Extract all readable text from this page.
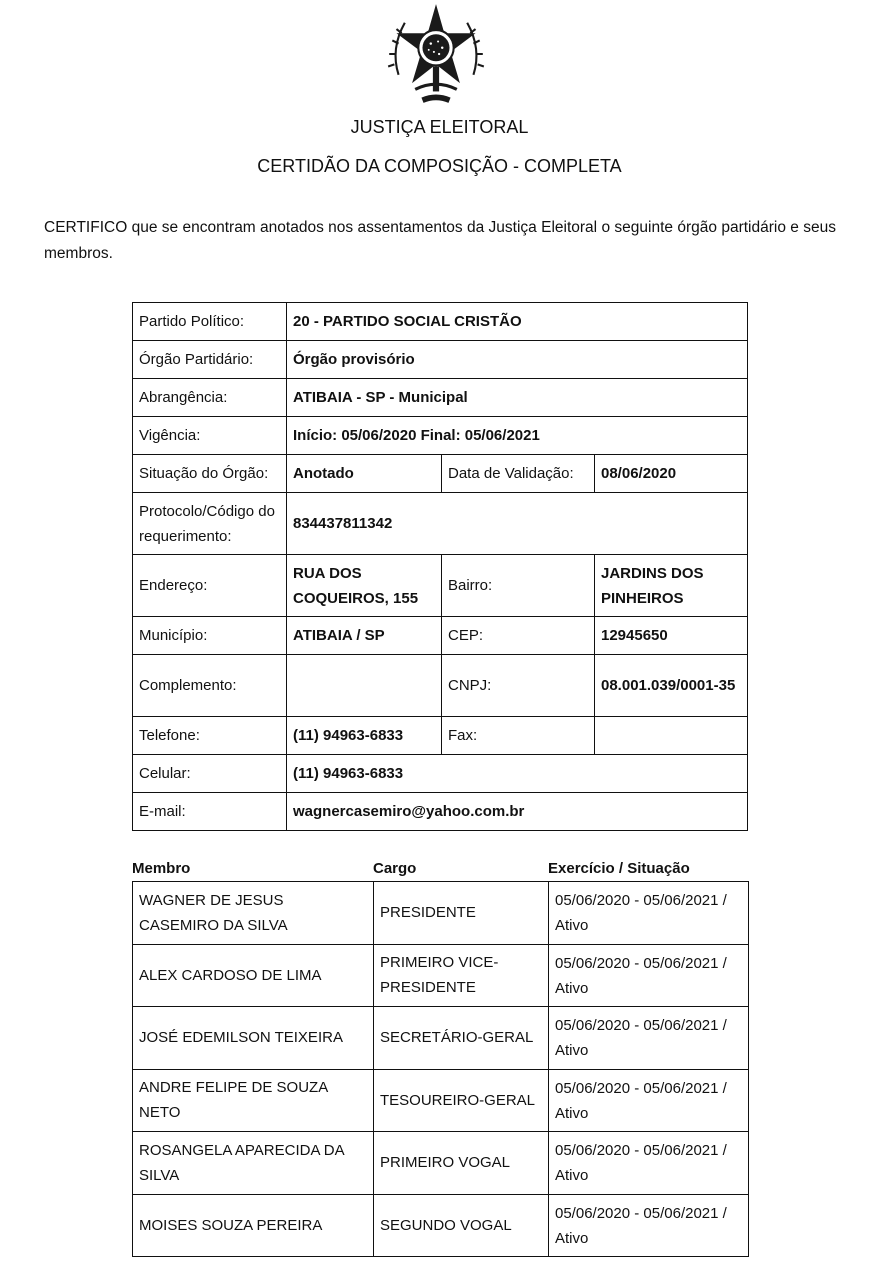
JUSTIÇA ELEITORAL
CERTIDÃO DA COMPOSIÇÃO - COMPLETA
CERTIFICO que se encontram anotados nos assentamentos da Justiça Eleitoral o seguinte órgão partidário e seus membros.
Partido Político:	20 - PARTIDO SOCIAL CRISTÃO		
Órgão Partidário:	Órgão provisório		
Abrangência:	ATIBAIA - SP - Municipal		
Vigência:	Início: 05/06/2020 Final: 05/06/2021		
Situação do Órgão:	Anotado	Data de Validação:	08/06/2020
Protocolo/Código do requerimento:	834437811342		
Endereço:	RUA DOS COQUEIROS, 155	Bairro:	JARDINS DOS PINHEIROS
Município:	ATIBAIA / SP	CEP:	12945650
Complemento:		CNPJ:	08.001.039/0001-35
Telefone:	(11) 94963-6833	Fax:	
Celular:	(11) 94963-6833		
E-mail:	wagnercasemiro@yahoo.com.br		
Membro	Cargo	Exercício / Situação
WAGNER DE JESUS CASEMIRO DA SILVA	PRESIDENTE	05/06/2020 - 05/06/2021 / Ativo
ALEX CARDOSO DE LIMA	PRIMEIRO VICE-PRESIDENTE	05/06/2020 - 05/06/2021 / Ativo
JOSÉ EDEMILSON TEIXEIRA	SECRETÁRIO-GERAL	05/06/2020 - 05/06/2021 / Ativo
ANDRE FELIPE DE SOUZA NETO	TESOUREIRO-GERAL	05/06/2020 - 05/06/2021 / Ativo
ROSANGELA APARECIDA DA SILVA	PRIMEIRO VOGAL	05/06/2020 - 05/06/2021 / Ativo
MOISES SOUZA PEREIRA	SEGUNDO VOGAL	05/06/2020 - 05/06/2021 / Ativo
